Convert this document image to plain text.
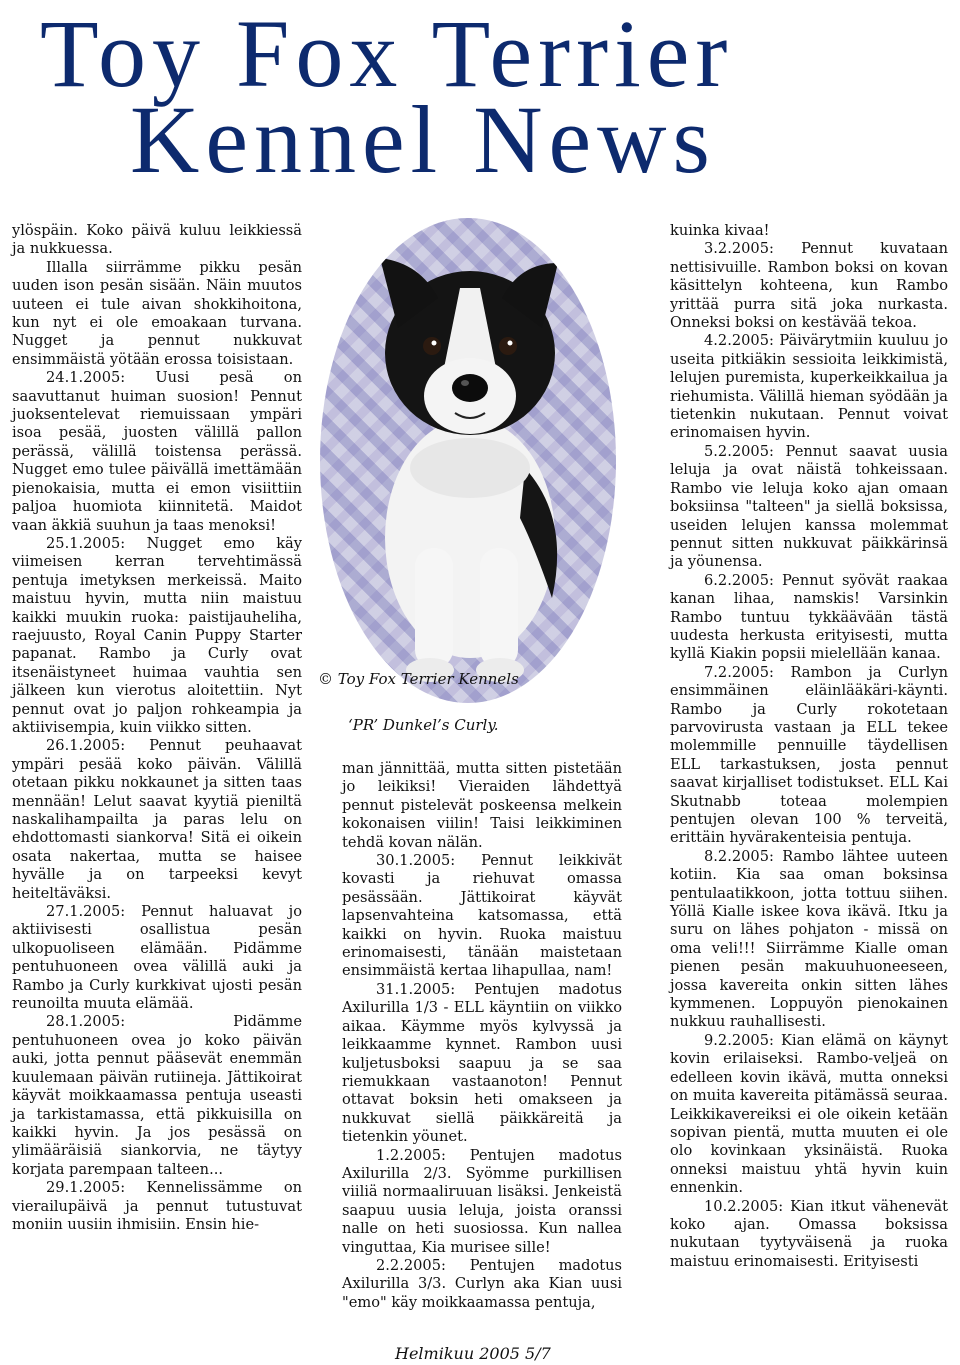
Toy Fox Terrier
Kennel News

ylöspäin. Koko päivä kuluu leikkiessä ja nukkuessa.

Illalla siirrämme pikku pesän uuden ison pesän sisään. Näin muutos uuteen ei tule aivan shokkihoitona, kun nyt ei ole emoakaan turvana. Nugget ja pennut nukkuvat ensimmäistä yötään erossa toisistaan.

24.1.2005: Uusi pesä on saavuttanut huiman suosion! Pennut juoksentelevat riemuissaan ympäri isoa pesää, juosten välillä pallon perässä, välillä toistensa perässä. Nugget emo tulee päivällä imettämään pienokaisia, mutta ei emon visiittiin paljoa huomiota kiinnitetä. Maidot vaan äkkiä suuhun ja taas menoksi!

25.1.2005: Nugget emo käy viimeisen kerran tervehtimässä pentuja imetyksen merkeissä. Maito maistuu hyvin, mutta niin maistuu kaikki muukin ruoka: paistijauheliha, raejuusto, Royal Canin Puppy Starter papanat. Rambo ja Curly ovat itsenäistyneet huimaa vauhtia sen jälkeen kun vierotus aloitettiin. Nyt pennut ovat jo paljon rohkeampia ja aktiivisempia, kuin viikko sitten.

26.1.2005: Pennut peuhaavat ympäri pesää koko päivän. Välillä otetaan pikku nokkaunet ja sitten taas mennään! Lelut saavat kyytiä pieniltä naskalihampailta ja paras lelu on ehdottomasti siankorva! Sitä ei oikein osata nakertaa, mutta se haisee hyvälle ja on tarpeeksi kevyt heiteltäväksi.

27.1.2005: Pennut haluavat jo aktiivisesti osallistua pesän ulkopuoliseen elämään. Pidämme pentuhuoneen ovea välillä auki ja Rambo ja Curly kurkkivat ujosti pesän reunoilta muuta elämää.

28.1.2005: Pidämme pentuhuoneen ovea jo koko päivän auki, jotta pennut pääsevät enemmän kuulemaan päivän rutiineja. Jättikoirat käyvät moikkaamassa pentuja useasti ja tarkistamassa, että pikkuisilla on kaikki hyvin. Ja jos pesässä on ylimääräisiä siankorvia, ne täytyy korjata parempaan talteen...

29.1.2005: Kennelissämme on vierailupäivä ja pennut tutustuvat moniin uusiin ihmisiin. Ensin hie-

© Toy Fox Terrier Kennels
‘PR’ Dunkel’s Curly.

man jännittää, mutta sitten pistetään jo leikiksi! Vieraiden lähdettyä pennut pistelevät poskeensa melkein kokonaisen viilin! Taisi leikkiminen tehdä kovan nälän.

30.1.2005: Pennut leikkivät kovasti ja riehuvat omassa pesässään. Jättikoirat käyvät lapsenvahteina katsomassa, että kaikki on hyvin. Ruoka maistuu erinomaisesti, tänään maistetaan ensimmäistä kertaa lihapullaa, nam!

31.1.2005: Pentujen madotus Axilurilla 1/3 - ELL käyntiin on viikko aikaa. Käymme myös kylvyssä ja leikkaamme kynnet. Rambon uusi kuljetusboksi saapuu ja se saa riemukkaan vastaanoton! Pennut ottavat boksin heti omakseen ja nukkuvat siellä päikkäreitä ja tietenkin yöunet.

1.2.2005: Pentujen madotus Axilurilla 2/3. Syömme purkillisen viiliä normaaliruuan lisäksi. Jenkeistä saapuu uusia leluja, joista oranssi nalle on heti suosiossa. Kun nallea vinguttaa, Kia murisee sille!

2.2.2005: Pentujen madotus Axilurilla 3/3. Curlyn aka Kian uusi "emo" käy moikkaamassa pentuja,

kuinka kivaa!

3.2.2005: Pennut kuvataan nettisivuille. Rambon boksi on kovan käsittelyn kohteena, kun Rambo yrittää purra sitä joka nurkasta. Onneksi boksi on kestävää tekoa.

4.2.2005: Päivärytmiin kuuluu jo useita pitkiäkin sessioita leikkimistä, lelujen puremista, kuperkeikkailua ja riehumista. Välillä hieman syödään ja tietenkin nukutaan. Pennut voivat erinomaisen hyvin.

5.2.2005: Pennut saavat uusia leluja ja ovat näistä tohkeissaan. Rambo vie leluja koko ajan omaan boksiinsa "talteen" ja siellä boksissa, useiden lelujen kanssa molemmat pennut sitten nukkuvat päikkärinsä ja yöunensa.

6.2.2005: Pennut syövät raakaa kanan lihaa, namskis! Varsinkin Rambo tuntuu tykkäävään tästä uudesta herkusta erityisesti, mutta kyllä Kiakin popsii mielellään kanaa.

7.2.2005: Rambon ja Curlyn ensimmäinen eläinlääkäri-käynti. Rambo ja Curly rokotetaan parvovirusta vastaan ja ELL tekee molemmille pennuille täydellisen ELL tarkastuksen, josta pennut saavat kirjalliset todistukset. ELL Kai Skutnabb toteaa molempien pentujen olevan 100 % terveitä, erittäin hyvärakenteisia pentuja.

8.2.2005: Rambo lähtee uuteen kotiin. Kia saa oman boksinsa pentulaatikkoon, jotta tottuu siihen. Yöllä Kialle iskee kova ikävä. Itku ja suru on lähes pohjaton - missä on oma veli!!! Siirrämme Kialle oman pienen pesän makuuhuoneeseen, jossa kavereita onkin sitten lähes kymmenen. Loppuyön pienokainen nukkuu rauhallisesti.

9.2.2005: Kian elämä on käynyt kovin erilaiseksi. Rambo-veljeä on edelleen kovin ikävä, mutta onneksi on muita kavereita pitämässä seuraa. Leikkikavereiksi ei ole oikein ketään sopivan pientä, mutta muuten ei ole olo kovinkaan yksinäistä. Ruoka onneksi maistuu yhtä hyvin kuin ennenkin.

10.2.2005: Kian itkut vähenevät koko ajan. Omassa boksissa nukutaan tyytyväisenä ja ruoka maistuu erinomaisesti. Erityisesti

Helmikuu 2005 5/7
